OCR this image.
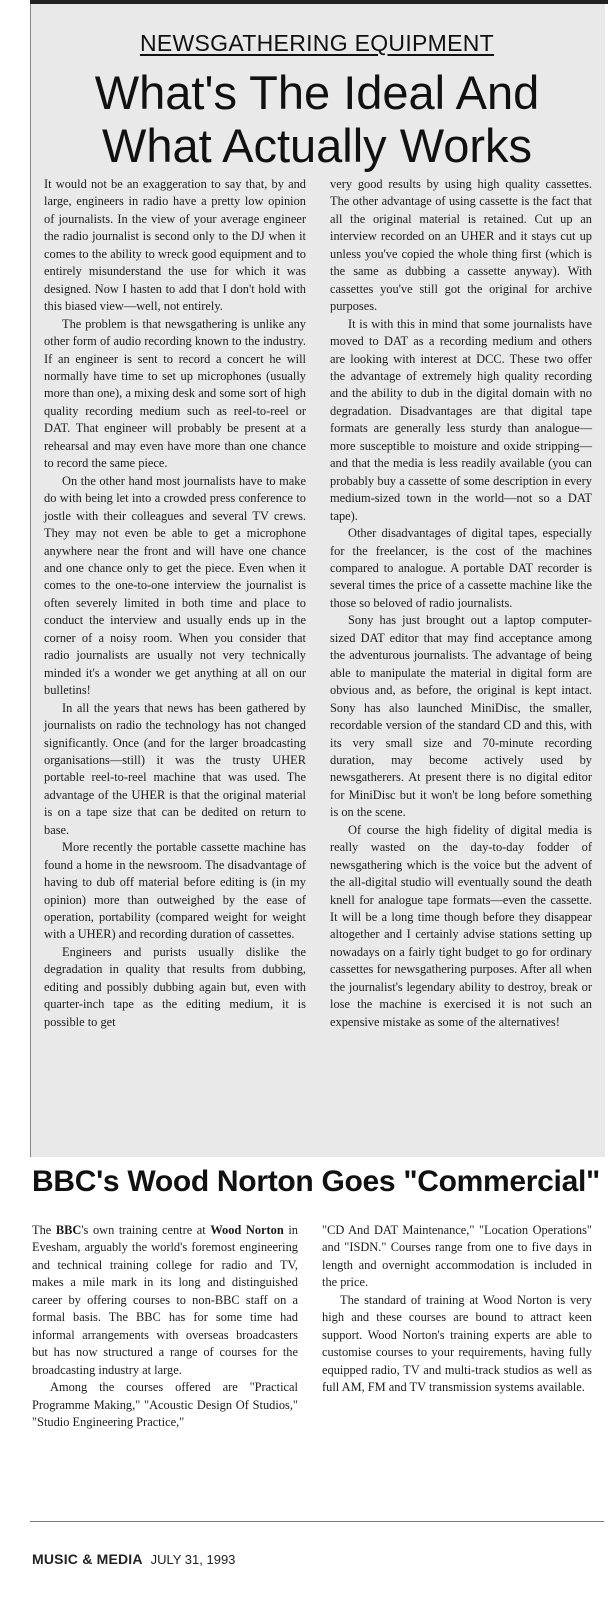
NEWSGATHERING EQUIPMENT
What's The Ideal And
What Actually Works

It would not be an exaggeration to say that, by and large, engineers in radio have a pretty low opinion of journalists. In the view of your average engineer the radio journalist is second only to the DJ when it comes to the ability to wreck good equipment and to entirely misunderstand the use for which it was designed. Now I hasten to add that I don't hold with this biased view—well, not entirely.

The problem is that newsgathering is unlike any other form of audio recording known to the industry. If an engineer is sent to record a concert he will normally have time to set up microphones (usually more than one), a mixing desk and some sort of high quality recording medium such as reel-to-reel or DAT. That engineer will probably be present at a rehearsal and may even have more than one chance to record the same piece.

On the other hand most journalists have to make do with being let into a crowded press conference to jostle with their colleagues and several TV crews. They may not even be able to get a microphone anywhere near the front and will have one chance and one chance only to get the piece. Even when it comes to the one-to-one interview the journalist is often severely limited in both time and place to conduct the interview and usually ends up in the corner of a noisy room. When you consider that radio journalists are usually not very technically minded it's a wonder we get anything at all on our bulletins!

In all the years that news has been gathered by journalists on radio the technology has not changed significantly. Once (and for the larger broadcasting organisations—still) it was the trusty UHER portable reel-to-reel machine that was used. The advantage of the UHER is that the original material is on a tape size that can be dedited on return to base.

More recently the portable cassette machine has found a home in the newsroom. The disadvantage of having to dub off material before editing is (in my opinion) more than outweighed by the ease of operation, portability (compared weight for weight with a UHER) and recording duration of cassettes.

Engineers and purists usually dislike the degradation in quality that results from dubbing, editing and possibly dubbing again but, even with quarter-inch tape as the editing medium, it is possible to get

very good results by using high quality cassettes. The other advantage of using cassette is the fact that all the original material is retained. Cut up an interview recorded on an UHER and it stays cut up unless you've copied the whole thing first (which is the same as dubbing a cassette anyway). With cassettes you've still got the original for archive purposes.

It is with this in mind that some journalists have moved to DAT as a recording medium and others are looking with interest at DCC. These two offer the advantage of extremely high quality recording and the ability to dub in the digital domain with no degradation. Disadvantages are that digital tape formats are generally less sturdy than analogue—more susceptible to moisture and oxide stripping—and that the media is less readily available (you can probably buy a cassette of some description in every medium-sized town in the world—not so a DAT tape).

Other disadvantages of digital tapes, especially for the freelancer, is the cost of the machines compared to analogue. A portable DAT recorder is several times the price of a cassette machine like the those so beloved of radio journalists.

Sony has just brought out a laptop computer-sized DAT editor that may find acceptance among the adventurous journalists. The advantage of being able to manipulate the material in digital form are obvious and, as before, the original is kept intact. Sony has also launched MiniDisc, the smaller, recordable version of the standard CD and this, with its very small size and 70-minute recording duration, may become actively used by newsgatherers. At present there is no digital editor for MiniDisc but it won't be long before something is on the scene.

Of course the high fidelity of digital media is really wasted on the day-to-day fodder of newsgathering which is the voice but the advent of the all-digital studio will eventually sound the death knell for analogue tape formats—even the cassette. It will be a long time though before they disappear altogether and I certainly advise stations setting up nowadays on a fairly tight budget to go for ordinary cassettes for newsgathering purposes. After all when the journalist's legendary ability to destroy, break or lose the machine is exercised it is not such an expensive mistake as some of the alternatives!

BBC's Wood Norton Goes "Commercial"

The BBC's own training centre at Wood Norton in Evesham, arguably the world's foremost engineering and technical training college for radio and TV, makes a mile mark in its long and distinguished career by offering courses to non-BBC staff on a formal basis. The BBC has for some time had informal arrangements with overseas broadcasters but has now structured a range of courses for the broadcasting industry at large.

Among the courses offered are "Practical Programme Making," "Acoustic Design Of Studios," "Studio Engineering Practice,"

"CD And DAT Maintenance," "Location Operations" and "ISDN." Courses range from one to five days in length and overnight accommodation is included in the price.

The standard of training at Wood Norton is very high and these courses are bound to attract keen support. Wood Norton's training experts are able to customise courses to your requirements, having fully equipped radio, TV and multi-track studios as well as full AM, FM and TV transmission systems available.

MUSIC & MEDIA JULY 31, 1993
